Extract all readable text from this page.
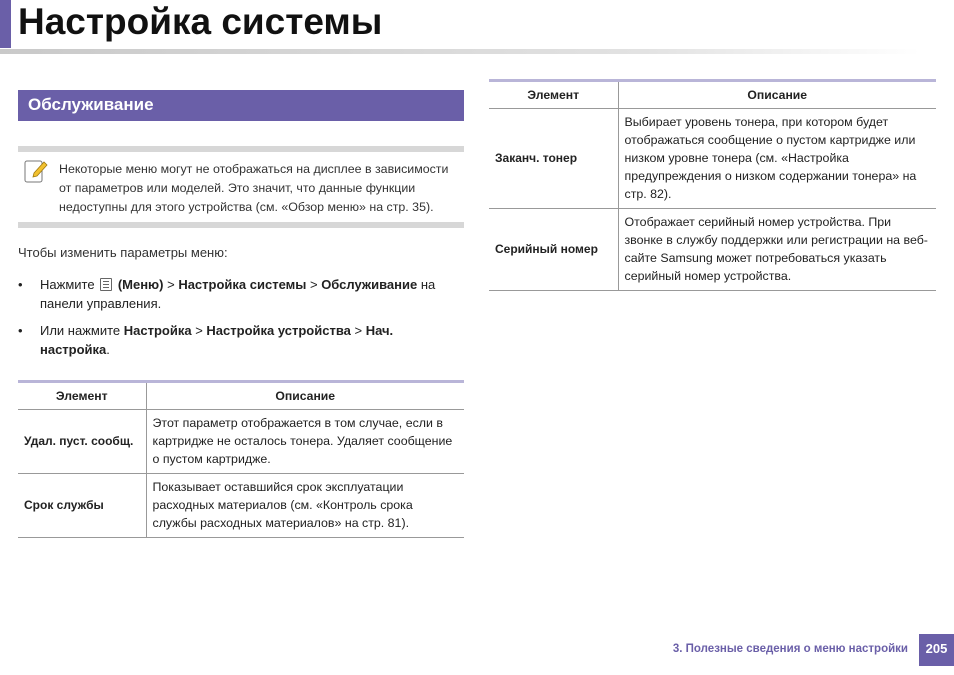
Настройка системы
Обслуживание
Некоторые меню могут не отображаться на дисплее в зависимости от параметров или моделей. Это значит, что данные функции недоступны для этого устройства (см. «Обзор меню» на стр. 35).
Чтобы изменить параметры меню:
• Нажмите (Меню) > Настройка системы > Обслуживание на панели управления.
• Или нажмите Настройка > Настройка устройства > Нач. настройка.
Элемент	Описание
Удал. пуст. сообщ.	Этот параметр отображается в том случае, если в картридже не осталось тонера. Удаляет сообщение о пустом картридже.
Срок службы	Показывает оставшийся срок эксплуатации расходных материалов (см. «Контроль срока службы расходных материалов» на стр. 81).
Элемент	Описание
Заканч. тонер	Выбирает уровень тонера, при котором будет отображаться сообщение о пустом картридже или низком уровне тонера (см. «Настройка предупреждения о низком содержании тонера» на стр. 82).
Серийный номер	Отображает серийный номер устройства. При звонке в службу поддержки или регистрации на веб-сайте Samsung может потребоваться указать серийный номер устройства.
3. Полезные сведения о меню настройки	205
